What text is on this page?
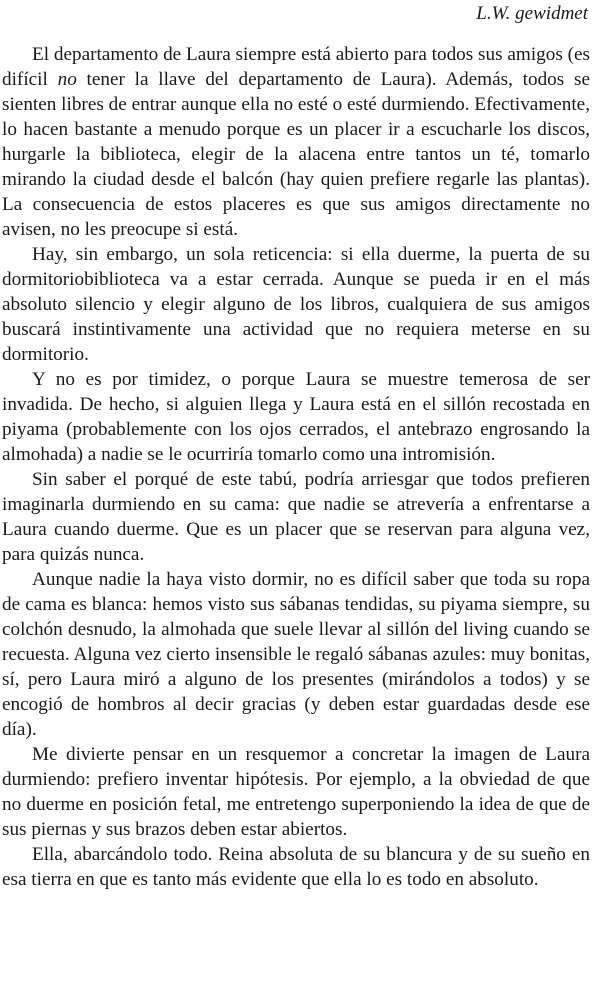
L.W. gewidmet

El departamento de Laura siempre está abierto para todos sus amigos (es difícil no tener la llave del departamento de Laura). Además, todos se sienten libres de entrar aunque ella no esté o esté durmiendo. Efectivamente, lo hacen bastante a menudo porque es un placer ir a escucharle los discos, hurgarle la biblioteca, elegir de la alacena entre tantos un té, tomarlo mirando la ciudad desde el balcón (hay quien prefiere regarle las plantas). La consecuencia de estos placeres es que sus amigos directamente no avisen, no les preocupe si está.

Hay, sin embargo, un sola reticencia: si ella duerme, la puerta de su dormitoriobiblioteca va a estar cerrada. Aunque se pueda ir en el más absoluto silencio y elegir alguno de los libros, cualquiera de sus amigos buscará instintivamente una actividad que no requiera meterse en su dormitorio.

Y no es por timidez, o porque Laura se muestre temerosa de ser invadida. De hecho, si alguien llega y Laura está en el sillón recostada en piyama (probablemente con los ojos cerrados, el antebrazo engrosando la almohada) a nadie se le ocurriría tomarlo como una intromisión.

Sin saber el porqué de este tabú, podría arriesgar que todos prefieren imaginarla durmiendo en su cama: que nadie se atrevería a enfrentarse a Laura cuando duerme. Que es un placer que se reservan para alguna vez, para quizás nunca.

Aunque nadie la haya visto dormir, no es difícil saber que toda su ropa de cama es blanca: hemos visto sus sábanas tendidas, su piyama siempre, su colchón desnudo, la almohada que suele llevar al sillón del living cuando se recuesta. Alguna vez cierto insensible le regaló sábanas azules: muy bonitas, sí, pero Laura miró a alguno de los presentes (mirándolos a todos) y se encogió de hombros al decir gracias (y deben estar guardadas desde ese día).

Me divierte pensar en un resquemor a concretar la imagen de Laura durmiendo: prefiero inventar hipótesis. Por ejemplo, a la obviedad de que no duerme en posición fetal, me entretengo superponiendo la idea de que de sus piernas y sus brazos deben estar abiertos.

Ella, abarcándolo todo. Reina absoluta de su blancura y de su sueño en esa tierra en que es tanto más evidente que ella lo es todo en absoluto.
